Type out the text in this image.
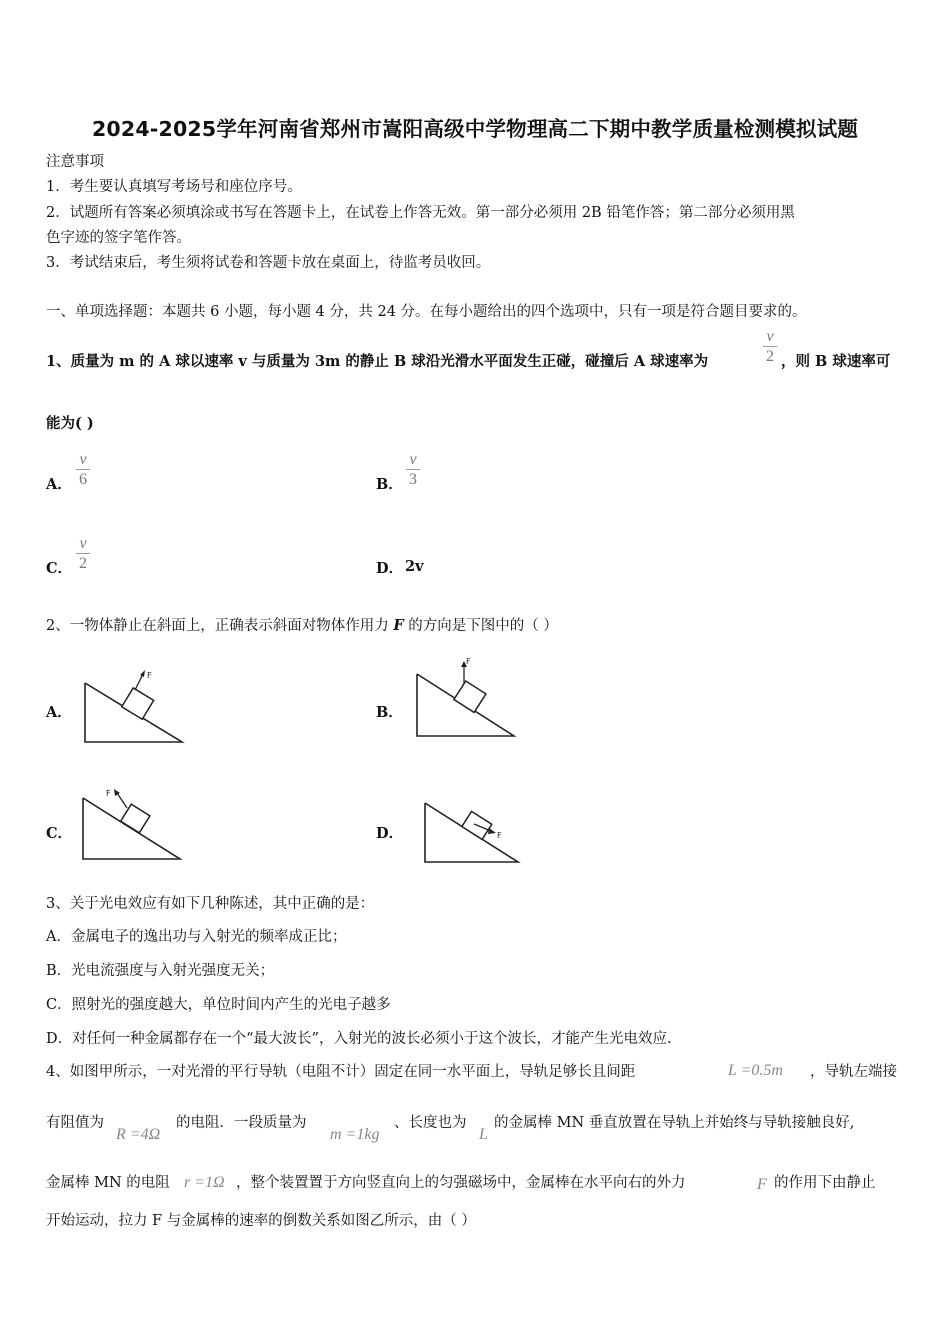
2024-2025学年河南省郑州市嵩阳高级中学物理高二下期中教学质量检测模拟试题
注意事项
1．考生要认真填写考场号和座位序号。
2．试题所有答案必须填涂或书写在答题卡上，在试卷上作答无效。第一部分必须用 2B 铅笔作答；第二部分必须用黑
色字迹的签字笔作答。
3．考试结束后，考生须将试卷和答题卡放在桌面上，待监考员收回。
一、单项选择题：本题共 6 小题，每小题 4 分，共 24 分。在每小题给出的四个选项中，只有一项是符合题目要求的。
1、质量为 m 的 A 球以速率 v 与质量为 3m 的静止 B 球沿光滑水平面发生正碰，碰撞后 A 球速率为
v
2 ，则 B 球速率可
能为( )
A．
v
6	B．
v
3
C．
v
2	D． 2v
2、一物体静止在斜面上，正确表示斜面对物体作用力 F 的方向是下图中的（ ）
A．
F
B．
F
C．
F
D．	F
3、关于光电效应有如下几种陈述，其中正确的是：
A．金属电子的逸出功与入射光的频率成正比；
B．光电流强度与入射光强度无关；
C．照射光的强度越大，单位时间内产生的光电子越多
D．对任何一种金属都存在一个“最大波长”，入射光的波长必须小于这个波长，才能产生光电效应.
4、如图甲所示，一对光滑的平行导轨（电阻不计）固定在同一水平面上，导轨足够长且间距	L =0.5m ，导轨左端接
有阻值为
R =4Ω
的电阻．一段质量为
m =1kg
、长度也为
L
的金属棒 MN 垂直放置在导轨上并始终与导轨接触良好,
金属棒 MN 的电阻 r =1Ω ，整个装置置于方向竖直向上的匀强磁场中，金属棒在水平向右的外力	F 的作用下由静止
开始运动，拉力 F 与金属棒的速率的倒数关系如图乙所示，由（ ）
